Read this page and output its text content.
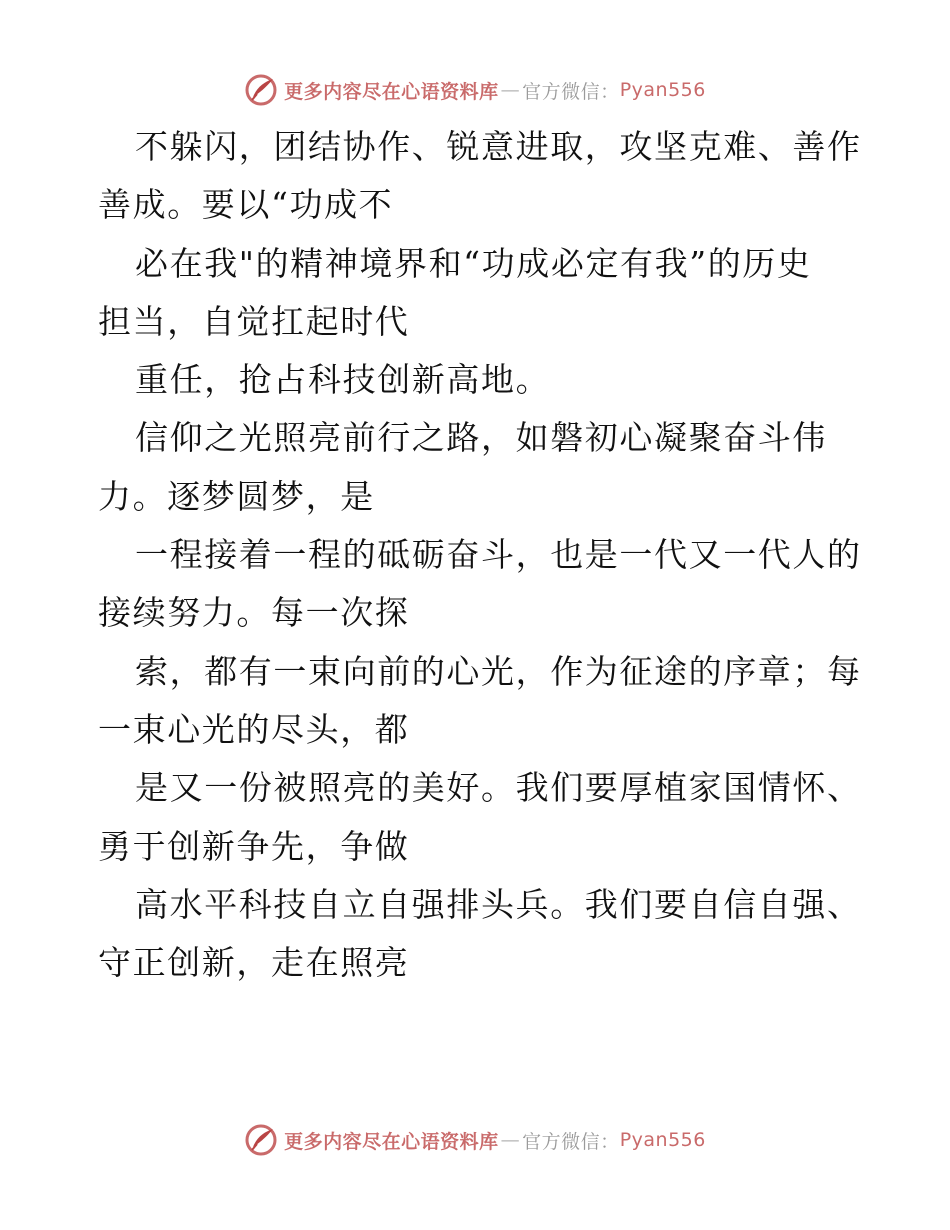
更多内容尽在心语资料库 — 官方微信： Pyan556
不躲闪，团结协作、锐意进取，攻坚克难、善作
善成。要以“功成不
必在我"的精神境界和“功成必定有我”的历史
担当，自觉扛起时代
重任，抢占科技创新高地。
信仰之光照亮前行之路，如磐初心凝聚奋斗伟
力。逐梦圆梦，是
一程接着一程的砥砺奋斗，也是一代又一代人的
接续努力。每一次探
索，都有一束向前的心光，作为征途的序章；每
一束心光的尽头，都
是又一份被照亮的美好。我们要厚植家国情怀、
勇于创新争先，争做
高水平科技自立自强排头兵。我们要自信自强、
守正创新，走在照亮
更多内容尽在心语资料库 — 官方微信： Pyan556
